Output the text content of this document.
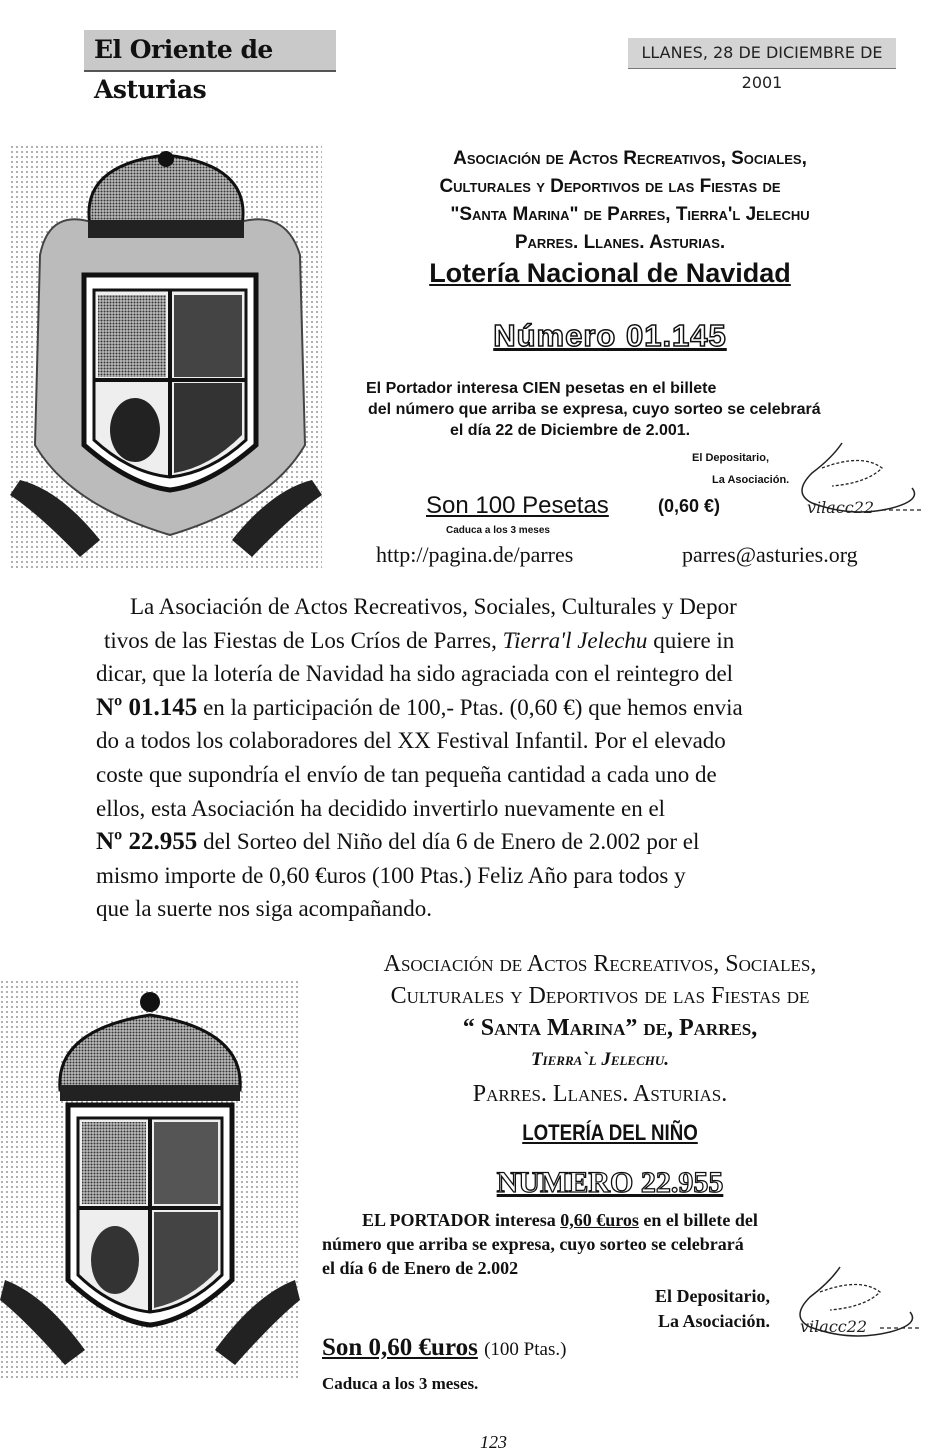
El Oriente de Asturias
LLANES, 28 DE DICIEMBRE DE 2001
Asociación de Actos Recreativos, Sociales,
Culturales y Deportivos de las Fiestas de
"Santa Marina" de Parres, Tierra'l Jelechu
Parres. Llanes. Asturias.
Lotería Nacional de Navidad
Número 01.145
El Portador interesa CIEN pesetas en el billete
del número que arriba se expresa, cuyo sorteo se celebrará
el día 22 de Diciembre de 2.001.
El Depositario,
La Asociación.
vilacc22
Son 100 Pesetas	(0,60 €)
Caduca a los 3 meses
http://pagina.de/parres	parres@asturies.org
La Asociación de Actos Recreativos, Sociales, Culturales y Depor
tivos de las Fiestas de Los Críos de Parres, Tierra'l Jelechu quiere in
dicar, que la lotería de Navidad ha sido agraciada con el reintegro del
Nº 01.145 en la participación de 100,- Ptas. (0,60 €) que hemos envia
do a todos los colaboradores del XX Festival Infantil. Por el elevado
coste que supondría el envío de tan pequeña cantidad a cada uno de
ellos, esta Asociación ha decidido invertirlo nuevamente en el
Nº 22.955 del Sorteo del Niño del día 6 de Enero de 2.002 por el
mismo importe de 0,60 €uros (100 Ptas.) Feliz Año para todos y
que la suerte nos siga acompañando.
Asociación de Actos Recreativos, Sociales,
Culturales y Deportivos de las Fiestas de
“ Santa Marina” de, Parres,
Tierra`l Jelechu.
Parres. Llanes. Asturias.
LOTERÍA DEL NIÑO
NUMERO 22.955
EL PORTADOR interesa 0,60 €uros en el billete del
número que arriba se expresa, cuyo sorteo se celebrará
el día 6 de Enero de 2.002
El Depositario,
La Asociación. vilacc22
Son 0,60 €uros (100 Ptas.)
Caduca a los 3 meses.
123
